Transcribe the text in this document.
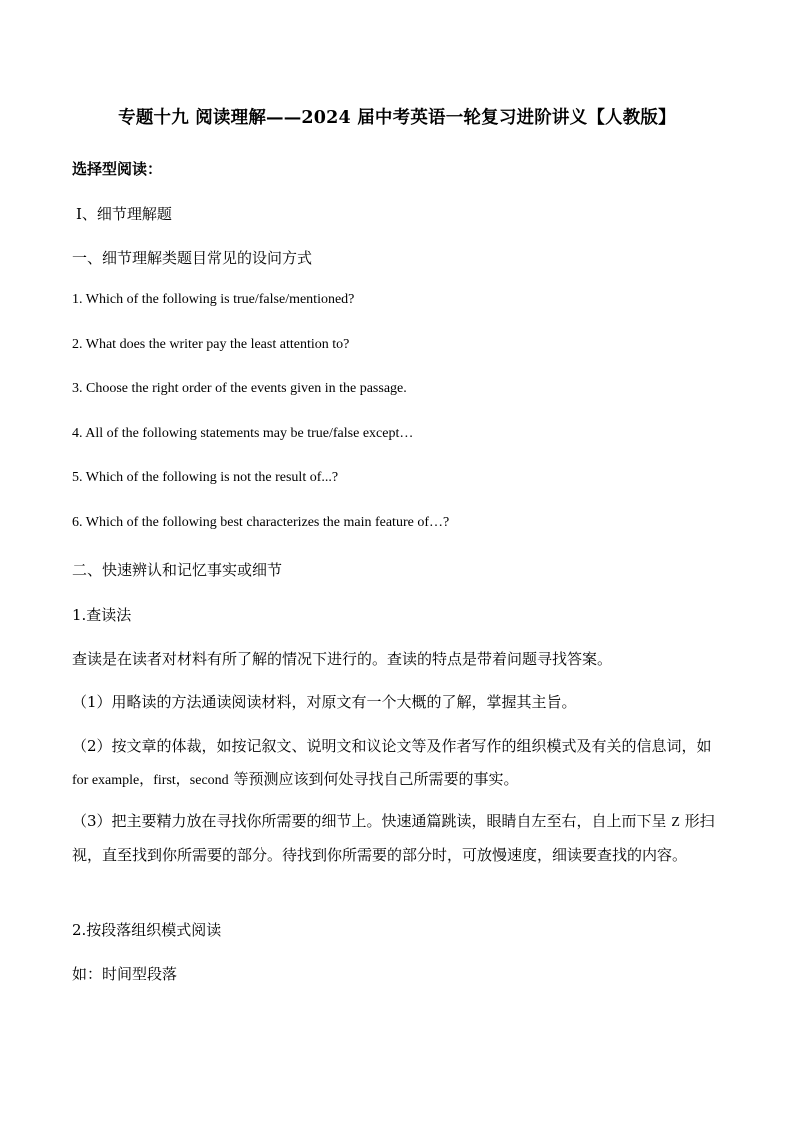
专题十九 阅读理解——2024 届中考英语一轮复习进阶讲义【人教版】
选择型阅读：
Ⅰ、细节理解题
一、细节理解类题目常见的设问方式
1. Which of the following is true/false/mentioned?
2. What does the writer pay the least attention to?
3. Choose the right order of the events given in the passage.
4. All of the following statements may be true/false except…
5. Which of the following is not the result of...?
6. Which of the following best characterizes the main feature of…?
二、快速辨认和记忆事实或细节
1.查读法
查读是在读者对材料有所了解的情况下进行的。查读的特点是带着问题寻找答案。
（1）用略读的方法通读阅读材料，对原文有一个大概的了解，掌握其主旨。
（2）按文章的体裁，如按记叙文、说明文和议论文等及作者写作的组织模式及有关的信息词，如 for example，first，second 等预测应该到何处寻找自己所需要的事实。
（3）把主要精力放在寻找你所需要的细节上。快速通篇跳读，眼睛自左至右，自上而下呈 Z 形扫视，直至找到你所需要的部分。待找到你所需要的部分时，可放慢速度，细读要查找的内容。
2.按段落组织模式阅读
如：时间型段落
